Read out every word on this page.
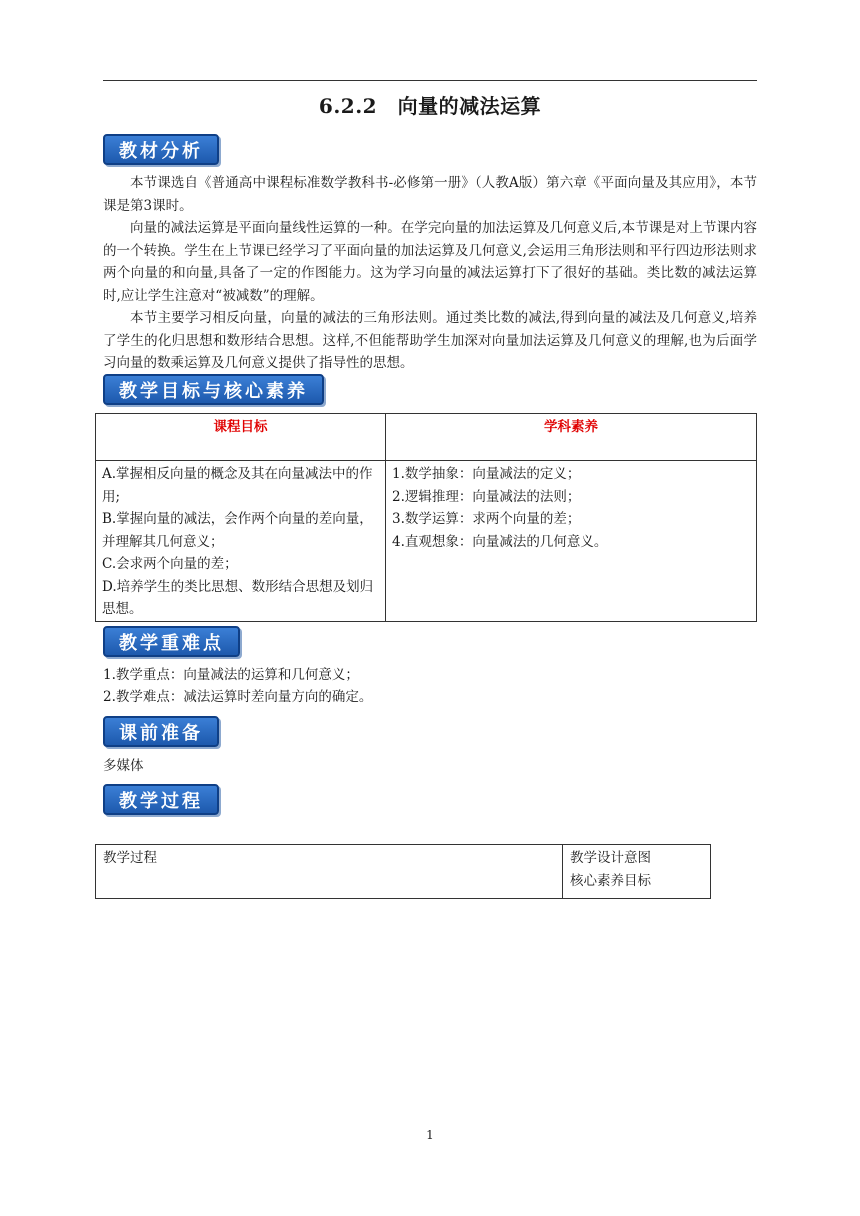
6.2.2　向量的减法运算
教材分析

本节课选自《普通高中课程标准数学教科书-必修第一册》（人教A版）第六章《平面向量及其应用》，本节课是第3课时。

向量的减法运算是平面向量线性运算的一种。在学完向量的加法运算及几何意义后,本节课是对上节课内容的一个转换。学生在上节课已经学习了平面向量的加法运算及几何意义,会运用三角形法则和平行四边形法则求两个向量的和向量,具备了一定的作图能力。这为学习向量的减法运算打下了很好的基础。类比数的减法运算时,应让学生注意对“被减数”的理解。

本节主要学习相反向量，向量的减法的三角形法则。通过类比数的减法,得到向量的减法及几何意义,培养了学生的化归思想和数形结合思想。这样,不但能帮助学生加深对向量加法运算及几何意义的理解,也为后面学习向量的数乘运算及几何意义提供了指导性的思想。

教学目标与核心素养
课程目标	学科素养

A.掌握相反向量的概念及其在向量减法中的作用;
B.掌握向量的减法，会作两个向量的差向量，并理解其几何意义；
C.会求两个向量的差；
D.培养学生的类比思想、数形结合思想及划归思想。	1.数学抽象：向量减法的定义；
2.逻辑推理：向量减法的法则；
3.数学运算：求两个向量的差；
4.直观想象：向量减法的几何意义。
教学重难点
1.教学重点：向量减法的运算和几何意义；
2.教学难点：减法运算时差向量方向的确定。
课前准备
多媒体
教学过程
教学过程	教学设计意图
核心素养目标
1
